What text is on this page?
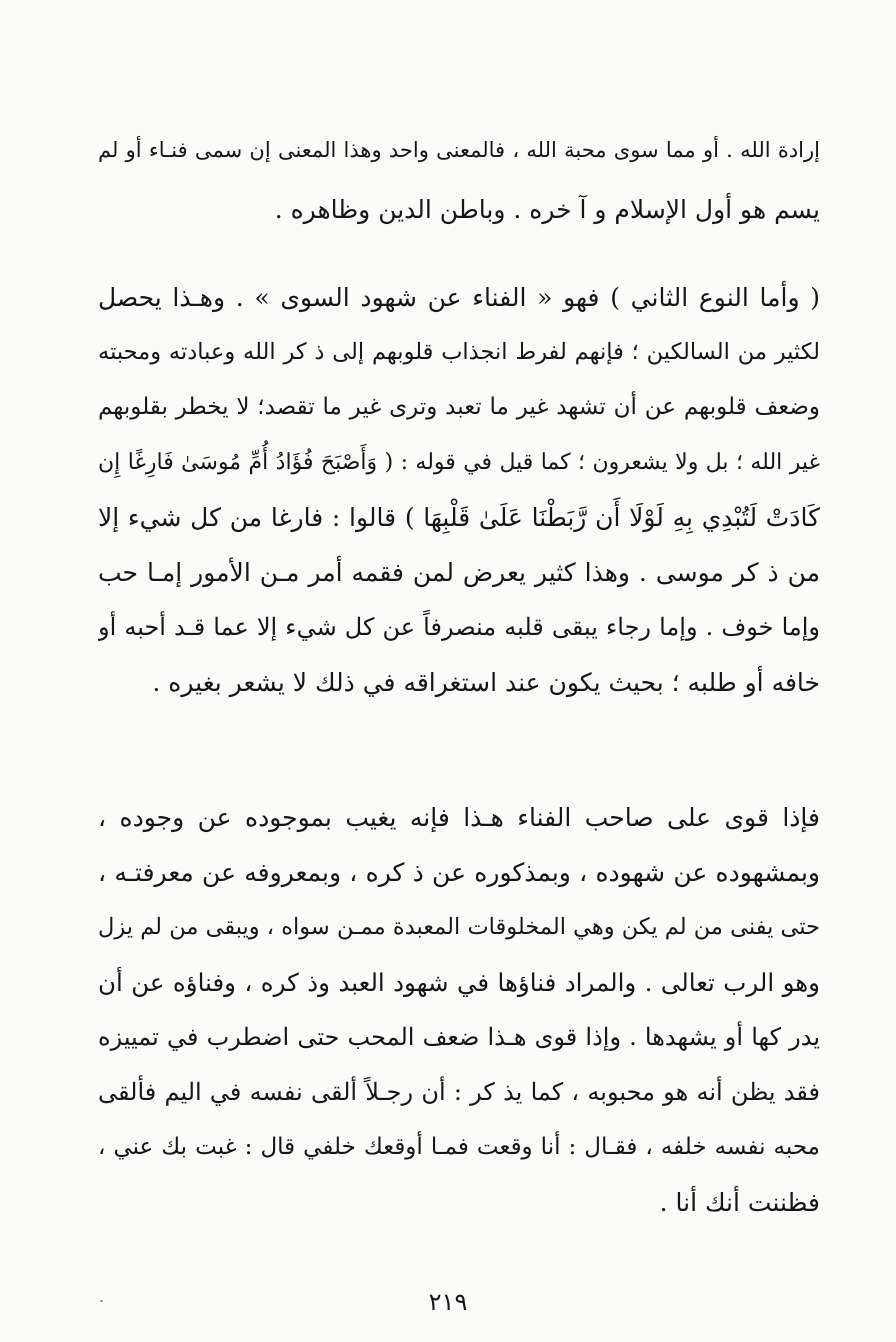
إرادة الله . أو مما سوى محبة الله ، فالمعنى واحد وهذا المعنى إن سمى فنـاء أو لم
يسم هو أول الإسلام و آ خره . وباطن الدين وظاهره .
( وأما النوع الثاني ) فهو « الفناء عن شهود السوى » . وهـذا يحصل
لكثير من السالكين ؛ فإنهم لفرط انجذاب قلوبهم إلى ذ كر الله وعبادته ومحبته
وضعف قلوبهم عن أن تشهد غير ما تعبد وترى غير ما تقصد؛ لا يخطر بقلوبهم
غير الله ؛ بل ولا يشعرون ؛ كما قيل في قوله : ( وَأَصْبَحَ فُؤَادُ أُمِّ مُوسَىٰ فَارِغًا إِن
كَادَتْ لَتُبْدِي بِهِ لَوْلَا أَن رَّبَطْنَا عَلَىٰ قَلْبِهَا ) قالوا : فارغا من كل شيء إلا
من ذ كر موسى . وهذا كثير يعرض لمن فقمه أمر مـن الأمور إمـا حب
وإما خوف . وإما رجاء يبقى قلبه منصرفاً عن كل شيء إلا عما قـد أحبه أو
خافه أو طلبه ؛ بحيث يكون عند استغراقه في ذلك لا يشعر بغيره .
فإذا قوى على صاحب الفناء هـذا فإنه يغيب بموجوده عن وجوده ،
وبمشهوده عن شهوده ، وبمذكوره عن ذ كره ، وبمعروفه عن معرفتـه ،
حتى يفنى من لم يكن وهي المخلوقات المعبدة ممـن سواه ، ويبقى من لم يزل
وهو الرب تعالى . والمراد فناؤها في شهود العبد وذ كره ، وفناؤه عن أن
يدر كها أو يشهدها . وإذا قوى هـذا ضعف المحب حتى اضطرب في تمييزه
فقد يظن أنه هو محبوبه ، كما يذ كر : أن رجـلاً ألقى نفسه في اليم فألقى
محبه نفسه خلفه ، فقـال : أنا وقعت فمـا أوقعك خلفي قال : غبت بك عني ،
فظننت أنك أنا .
٢١٩
